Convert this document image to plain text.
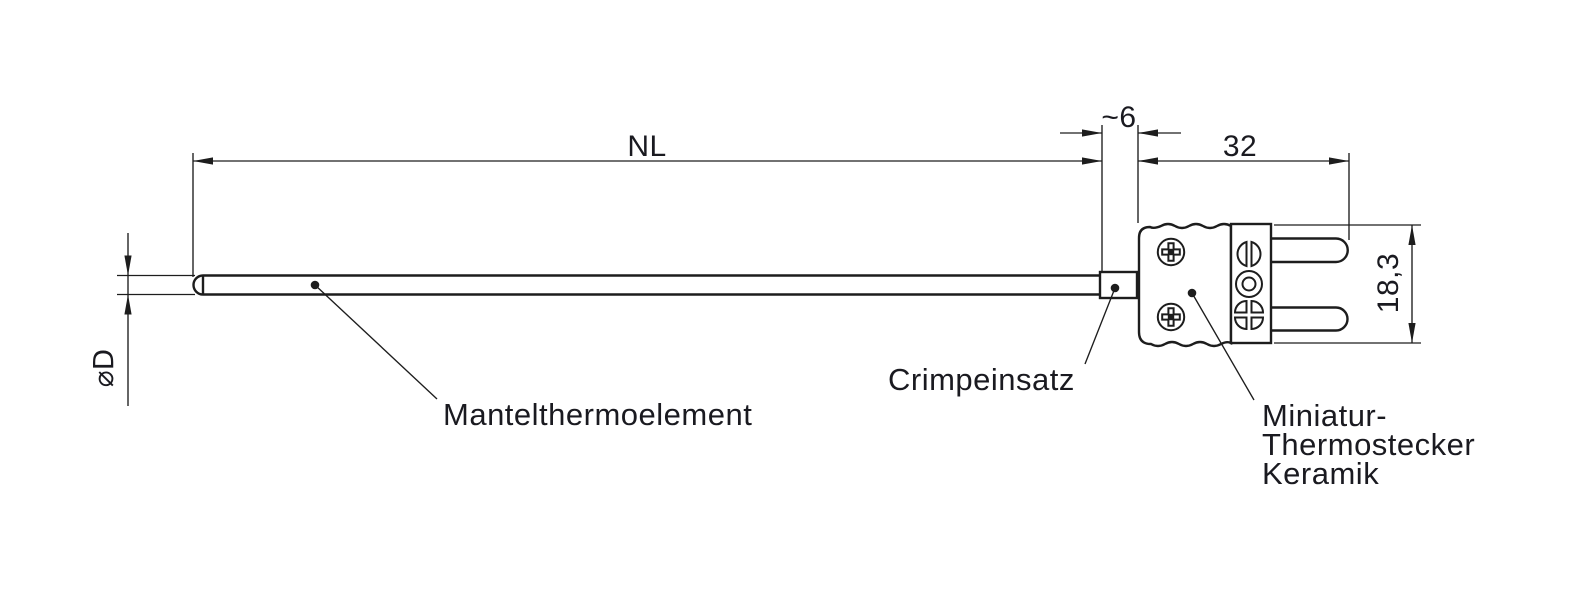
NL
~6
32
18,3
⌀D
Mantelthermoelement
Crimpeinsatz
Miniatur-
Thermostecker
Keramik
